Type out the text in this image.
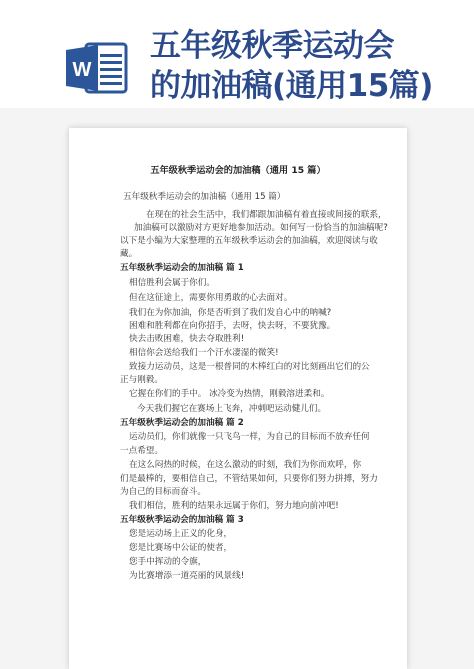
W
五年级秋季运动会
的加油稿(通用15篇)
五年级秋季运动会的加油稿（通用 15 篇）
五年级秋季运动会的加油稿（通用 15 篇）
在现在的社会生活中，我们都跟加油稿有着直接或间接的联系，
加油稿可以激励对方更好地参加活动。如何写一份恰当的加油稿呢?
以下是小编为大家整理的五年级秋季运动会的加油稿，欢迎阅读与收
藏。
五年级秋季运动会的加油稿 篇 1
相信胜利会属于你们。
但在这征途上，需要你用勇敢的心去面对。
我们在为你加油，你是否听到了我们发自心中的呐喊?
困难和胜利都在向你招手，去呀，快去呀，不要犹豫。
快去击败困难，快去夺取胜利!
相信你会送给我们一个汗水凄湿的微笑!
致接力运动员，这是一根普同的木棒红白的对比刻画出它们的公
正与刚毅。
它握在你们的手中。 冰冷变为热情，刚毅溶进柔和。
今天我们握它在赛场上飞奔，冲刺吧运动健儿们。
五年级秋季运动会的加油稿 篇 2
运动员们，你们就像一只飞鸟一样，为自己的目标而不放弃任何
一点希望。
在这么闷热的时候，在这么激动的时刻，我们为你而欢呼，你
们是最棒的，要相信自己，不管结果如何，只要你们努力拼搏，努力
为自己的目标而奋斗。
我们相信，胜利的结果永远属于你们，努力地向前冲吧!
五年级秋季运动会的加油稿 篇 3
您是运动场上正义的化身，
您是比赛场中公证的使者，
您手中挥动的令旗，
为比赛增添一道亮丽的风景线!
